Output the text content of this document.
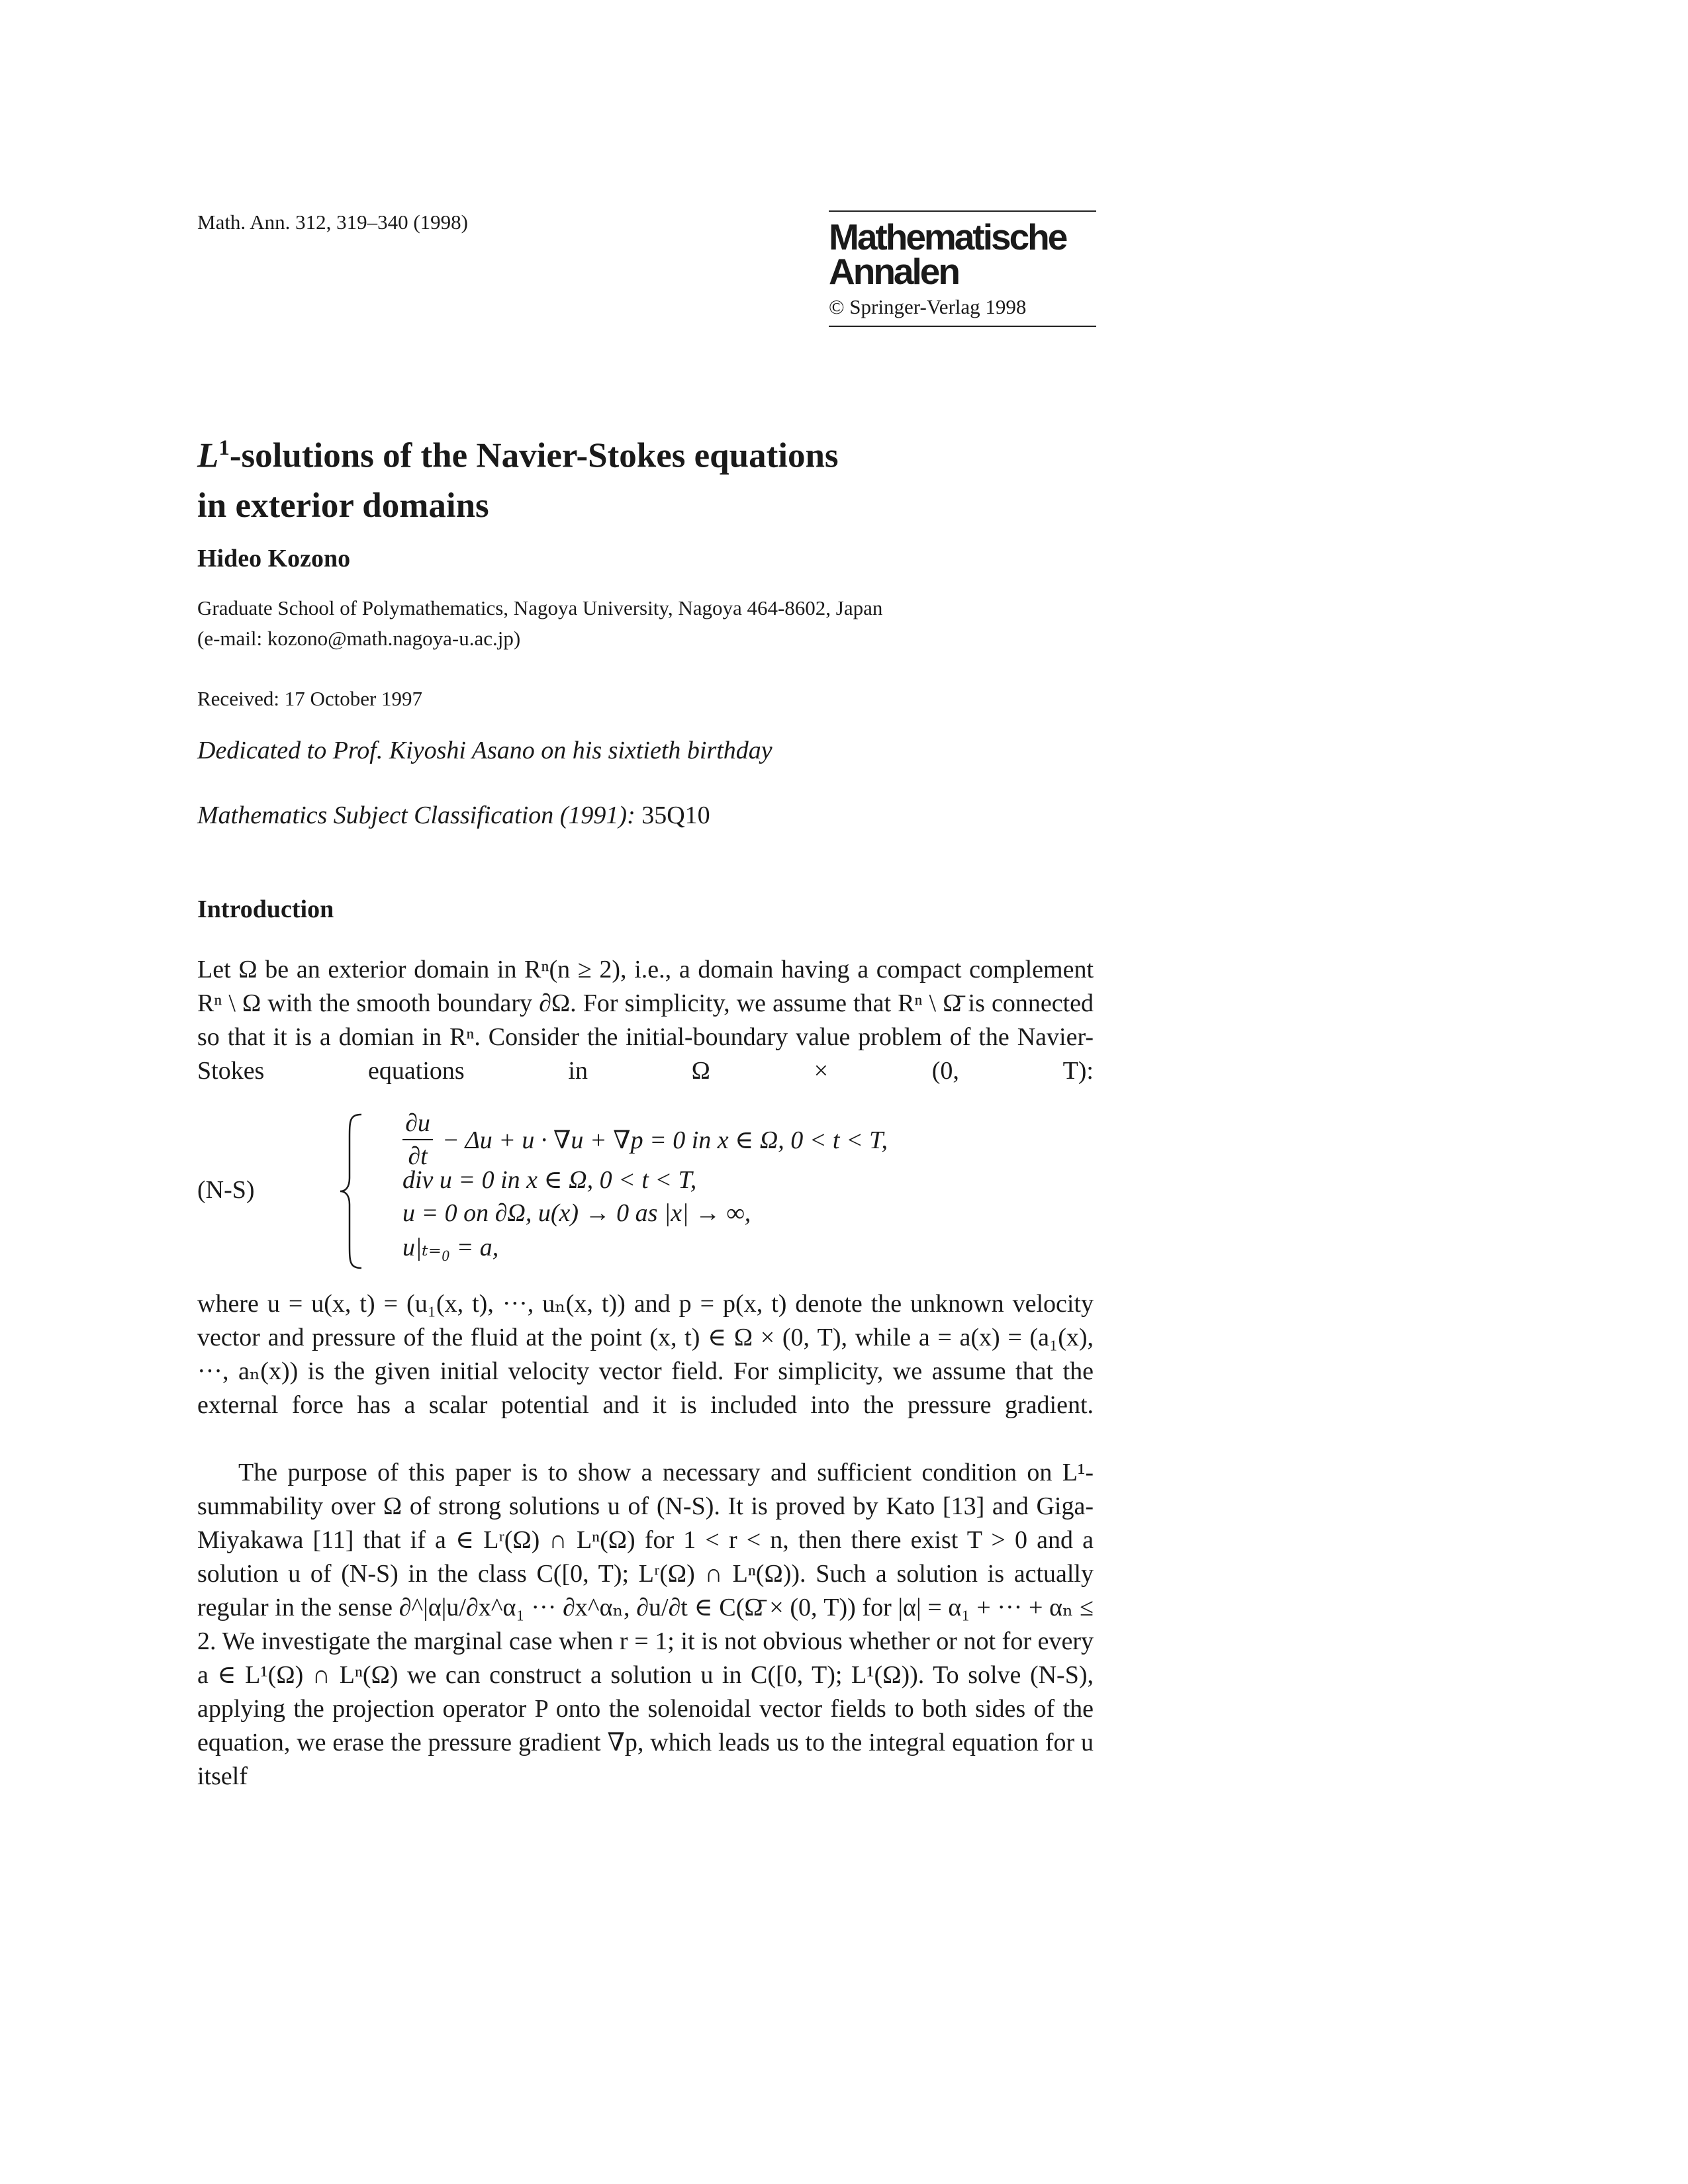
Math. Ann. 312, 319–340 (1998)	Mathematische
Annalen
© Springer-Verlag 1998
$L^1$-solutions of the Navier-Stokes equations
in exterior domains
Hideo Kozono
Graduate School of Polymathematics, Nagoya University, Nagoya 464-8602, Japan
(e-mail: kozono@math.nagoya-u.ac.jp)
Received: 17 October 1997
Dedicated to Prof. Kiyoshi Asano on his sixtieth birthday
Mathematics Subject Classification (1991): 35Q10
Introduction
Let Ω be an exterior domain in Rⁿ(n ≥ 2), i.e., a domain having a compact complement Rⁿ \ Ω with the smooth boundary ∂Ω. For simplicity, we assume that Rⁿ \ Ω̄ is connected so that it is a domian in Rⁿ. Consider the initial-boundary value problem of the Navier-Stokes equations in Ω × (0, T):
(N-S)
∂u
∂t
− Δu + u · ∇u + ∇p = 0 in x ∈ Ω, 0 < t < T,
div u = 0 in x ∈ Ω, 0 < t < T,
u = 0 on ∂Ω, u(x) → 0 as |x| → ∞,
u|ₜ₌₀ = a,
where u = u(x, t) = (u₁(x, t), ···, uₙ(x, t)) and p = p(x, t) denote the unknown velocity vector and pressure of the fluid at the point (x, t) ∈ Ω × (0, T), while a = a(x) = (a₁(x), ···, aₙ(x)) is the given initial velocity vector field. For simplicity, we assume that the external force has a scalar potential and it is included into the pressure gradient.
The purpose of this paper is to show a necessary and sufficient condition on L¹-summability over Ω of strong solutions u of (N-S). It is proved by Kato [13] and Giga-Miyakawa [11] that if a ∈ Lʳ(Ω) ∩ Lⁿ(Ω) for 1 < r < n, then there exist T > 0 and a solution u of (N-S) in the class C([0, T); Lʳ(Ω) ∩ Lⁿ(Ω)). Such a solution is actually regular in the sense ∂^|α|u/∂x^α₁ ··· ∂x^αₙ, ∂u/∂t ∈ C(Ω̄ × (0, T)) for |α| = α₁ + ··· + αₙ ≤ 2. We investigate the marginal case when r = 1; it is not obvious whether or not for every a ∈ L¹(Ω) ∩ Lⁿ(Ω) we can construct a solution u in C([0, T); L¹(Ω)). To solve (N-S), applying the projection operator P onto the solenoidal vector fields to both sides of the equation, we erase the pressure gradient ∇p, which leads us to the integral equation for u itself
